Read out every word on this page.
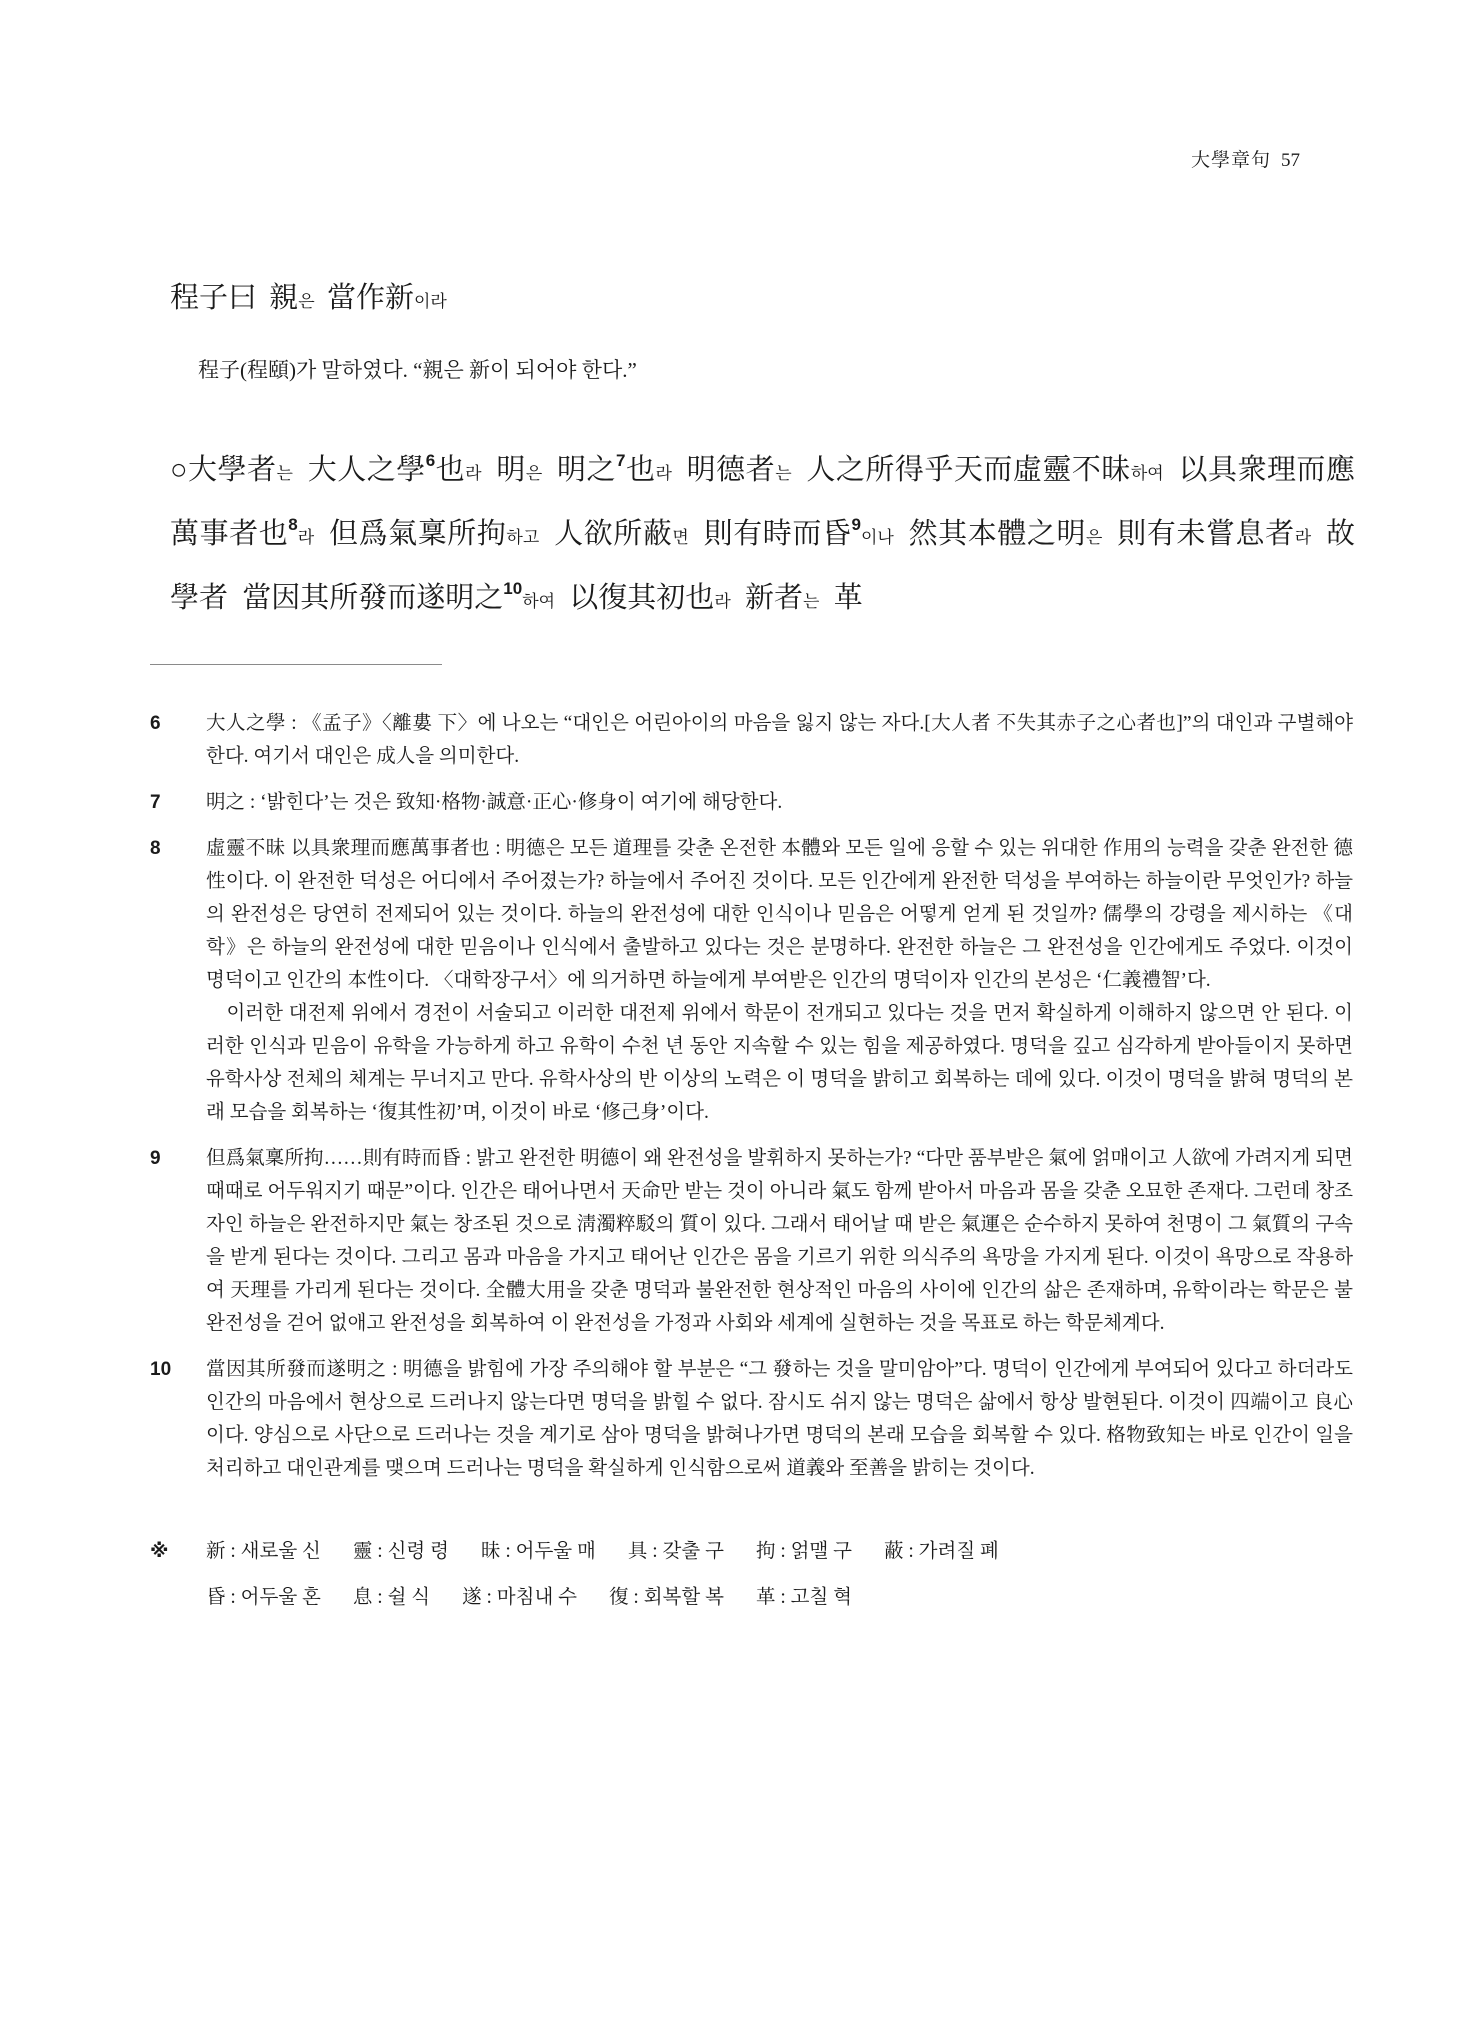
大學章句 57
程子曰 親은 當作新이라
程子(程頤)가 말하였다. “親은 新이 되어야 한다.”
○大學者는 大人之學$^6$也라 明은 明之$^7$也라 明德者는 人之所得乎天而虛靈不昧하여 以具衆理而應萬事者也$^8$라 但爲氣稟所拘하고 人欲所蔽면 則有時而昏$^9$이나 然其本體之明은 則有未嘗息者라 故學者 當因其所發而遂明之$^{10}$하여 以復其初也라 新者는 革
6	大人之學 : 《孟子》〈離婁 下〉에 나오는 “대인은 어린아이의 마음을 잃지 않는 자다.[大人者 不失其赤子之心者也]”의 대인과 구별해야 한다. 여기서 대인은 成人을 의미한다.

7	明之 : ‘밝힌다’는 것은 致知·格物·誠意·正心·修身이 여기에 해당한다.

8	虛靈不昧 以具衆理而應萬事者也 : 明德은 모든 道理를 갖춘 온전한 本體와 모든 일에 응할 수 있는 위대한 作用의 능력을 갖춘 완전한 德性이다. 이 완전한 덕성은 어디에서 주어졌는가? 하늘에서 주어진 것이다. 모든 인간에게 완전한 덕성을 부여하는 하늘이란 무엇인가? 하늘의 완전성은 당연히 전제되어 있는 것이다. 하늘의 완전성에 대한 인식이나 믿음은 어떻게 얻게 된 것일까? 儒學의 강령을 제시하는 《대학》은 하늘의 완전성에 대한 믿음이나 인식에서 출발하고 있다는 것은 분명하다. 완전한 하늘은 그 완전성을 인간에게도 주었다. 이것이 명덕이고 인간의 本性이다. 〈대학장구서〉에 의거하면 하늘에게 부여받은 인간의 명덕이자 인간의 본성은 ‘仁義禮智’다.

이러한 대전제 위에서 경전이 서술되고 이러한 대전제 위에서 학문이 전개되고 있다는 것을 먼저 확실하게 이해하지 않으면 안 된다. 이러한 인식과 믿음이 유학을 가능하게 하고 유학이 수천 년 동안 지속할 수 있는 힘을 제공하였다. 명덕을 깊고 심각하게 받아들이지 못하면 유학사상 전체의 체계는 무너지고 만다. 유학사상의 반 이상의 노력은 이 명덕을 밝히고 회복하는 데에 있다. 이것이 명덕을 밝혀 명덕의 본래 모습을 회복하는 ‘復其性初’며, 이것이 바로 ‘修己身’이다.

9	但爲氣稟所拘……則有時而昏 : 밝고 완전한 明德이 왜 완전성을 발휘하지 못하는가? “다만 품부받은 氣에 얽매이고 人欲에 가려지게 되면 때때로 어두워지기 때문”이다. 인간은 태어나면서 天命만 받는 것이 아니라 氣도 함께 받아서 마음과 몸을 갖춘 오묘한 존재다. 그런데 창조자인 하늘은 완전하지만 氣는 창조된 것으로 淸濁粹駁의 質이 있다. 그래서 태어날 때 받은 氣運은 순수하지 못하여 천명이 그 氣質의 구속을 받게 된다는 것이다. 그리고 몸과 마음을 가지고 태어난 인간은 몸을 기르기 위한 의식주의 욕망을 가지게 된다. 이것이 욕망으로 작용하여 天理를 가리게 된다는 것이다. 全體大用을 갖춘 명덕과 불완전한 현상적인 마음의 사이에 인간의 삶은 존재하며, 유학이라는 학문은 불완전성을 걷어 없애고 완전성을 회복하여 이 완전성을 가정과 사회와 세계에 실현하는 것을 목표로 하는 학문체계다.

10	當因其所發而遂明之 : 明德을 밝힘에 가장 주의해야 할 부분은 “그 發하는 것을 말미암아”다. 명덕이 인간에게 부여되어 있다고 하더라도 인간의 마음에서 현상으로 드러나지 않는다면 명덕을 밝힐 수 없다. 잠시도 쉬지 않는 명덕은 삶에서 항상 발현된다. 이것이 四端이고 良心이다. 양심으로 사단으로 드러나는 것을 계기로 삼아 명덕을 밝혀나가면 명덕의 본래 모습을 회복할 수 있다. 格物致知는 바로 인간이 일을 처리하고 대인관계를 맺으며 드러나는 명덕을 확실하게 인식함으로써 道義와 至善을 밝히는 것이다.

※	新 : 새로울 신 靈 : 신령 령 昧 : 어두울 매 具 : 갖출 구 拘 : 얽맬 구 蔽 : 가려질 폐
昏 : 어두울 혼 息 : 쉴 식 遂 : 마침내 수 復 : 회복할 복 革 : 고칠 혁
